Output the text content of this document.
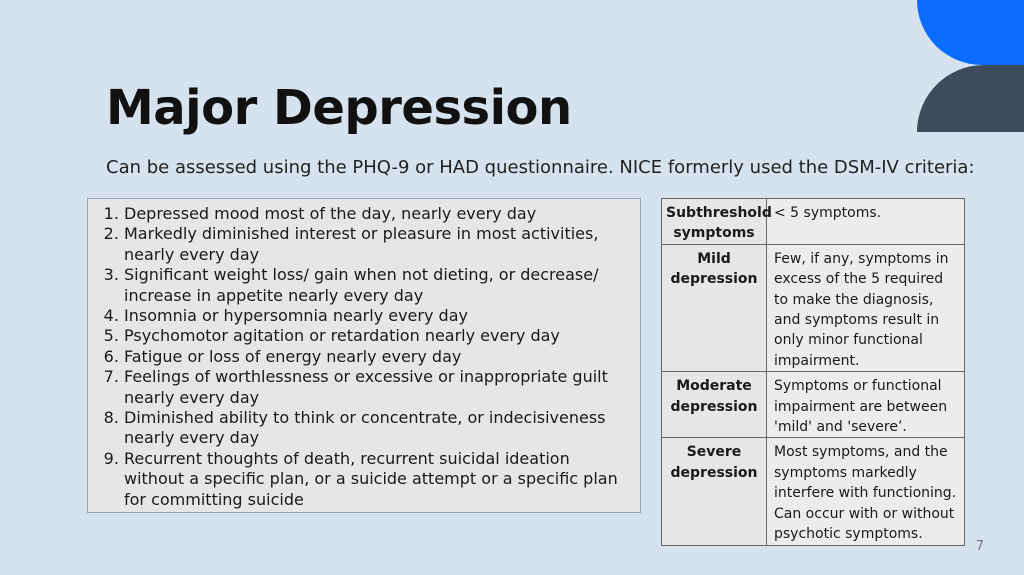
Major Depression
Can be assessed using the PHQ-9 or HAD questionnaire. NICE formerly used the DSM-IV criteria:
1. Depressed mood most of the day, nearly every day
2. Markedly diminished interest or pleasure in most activities, nearly every day
3. Significant weight loss/ gain when not dieting, or decrease/ increase in appetite nearly every day
4. Insomnia or hypersomnia nearly every day
5. Psychomotor agitation or retardation nearly every day
6. Fatigue or loss of energy nearly every day
7. Feelings of worthlessness or excessive or inappropriate guilt nearly every day
8. Diminished ability to think or concentrate, or indecisiveness nearly every day
9. Recurrent thoughts of death, recurrent suicidal ideation without a specific plan, or a suicide attempt or a specific plan for committing suicide
Subthreshold symptoms	< 5 symptoms.
Mild depression	Few, if any, symptoms in excess of the 5 required to make the diagnosis, and symptoms result in only minor functional impairment.
Moderate depression	Symptoms or functional impairment are between 'mild' and 'severe’.
Severe depression	Most symptoms, and the symptoms markedly interfere with functioning. Can occur with or without psychotic symptoms.
7
